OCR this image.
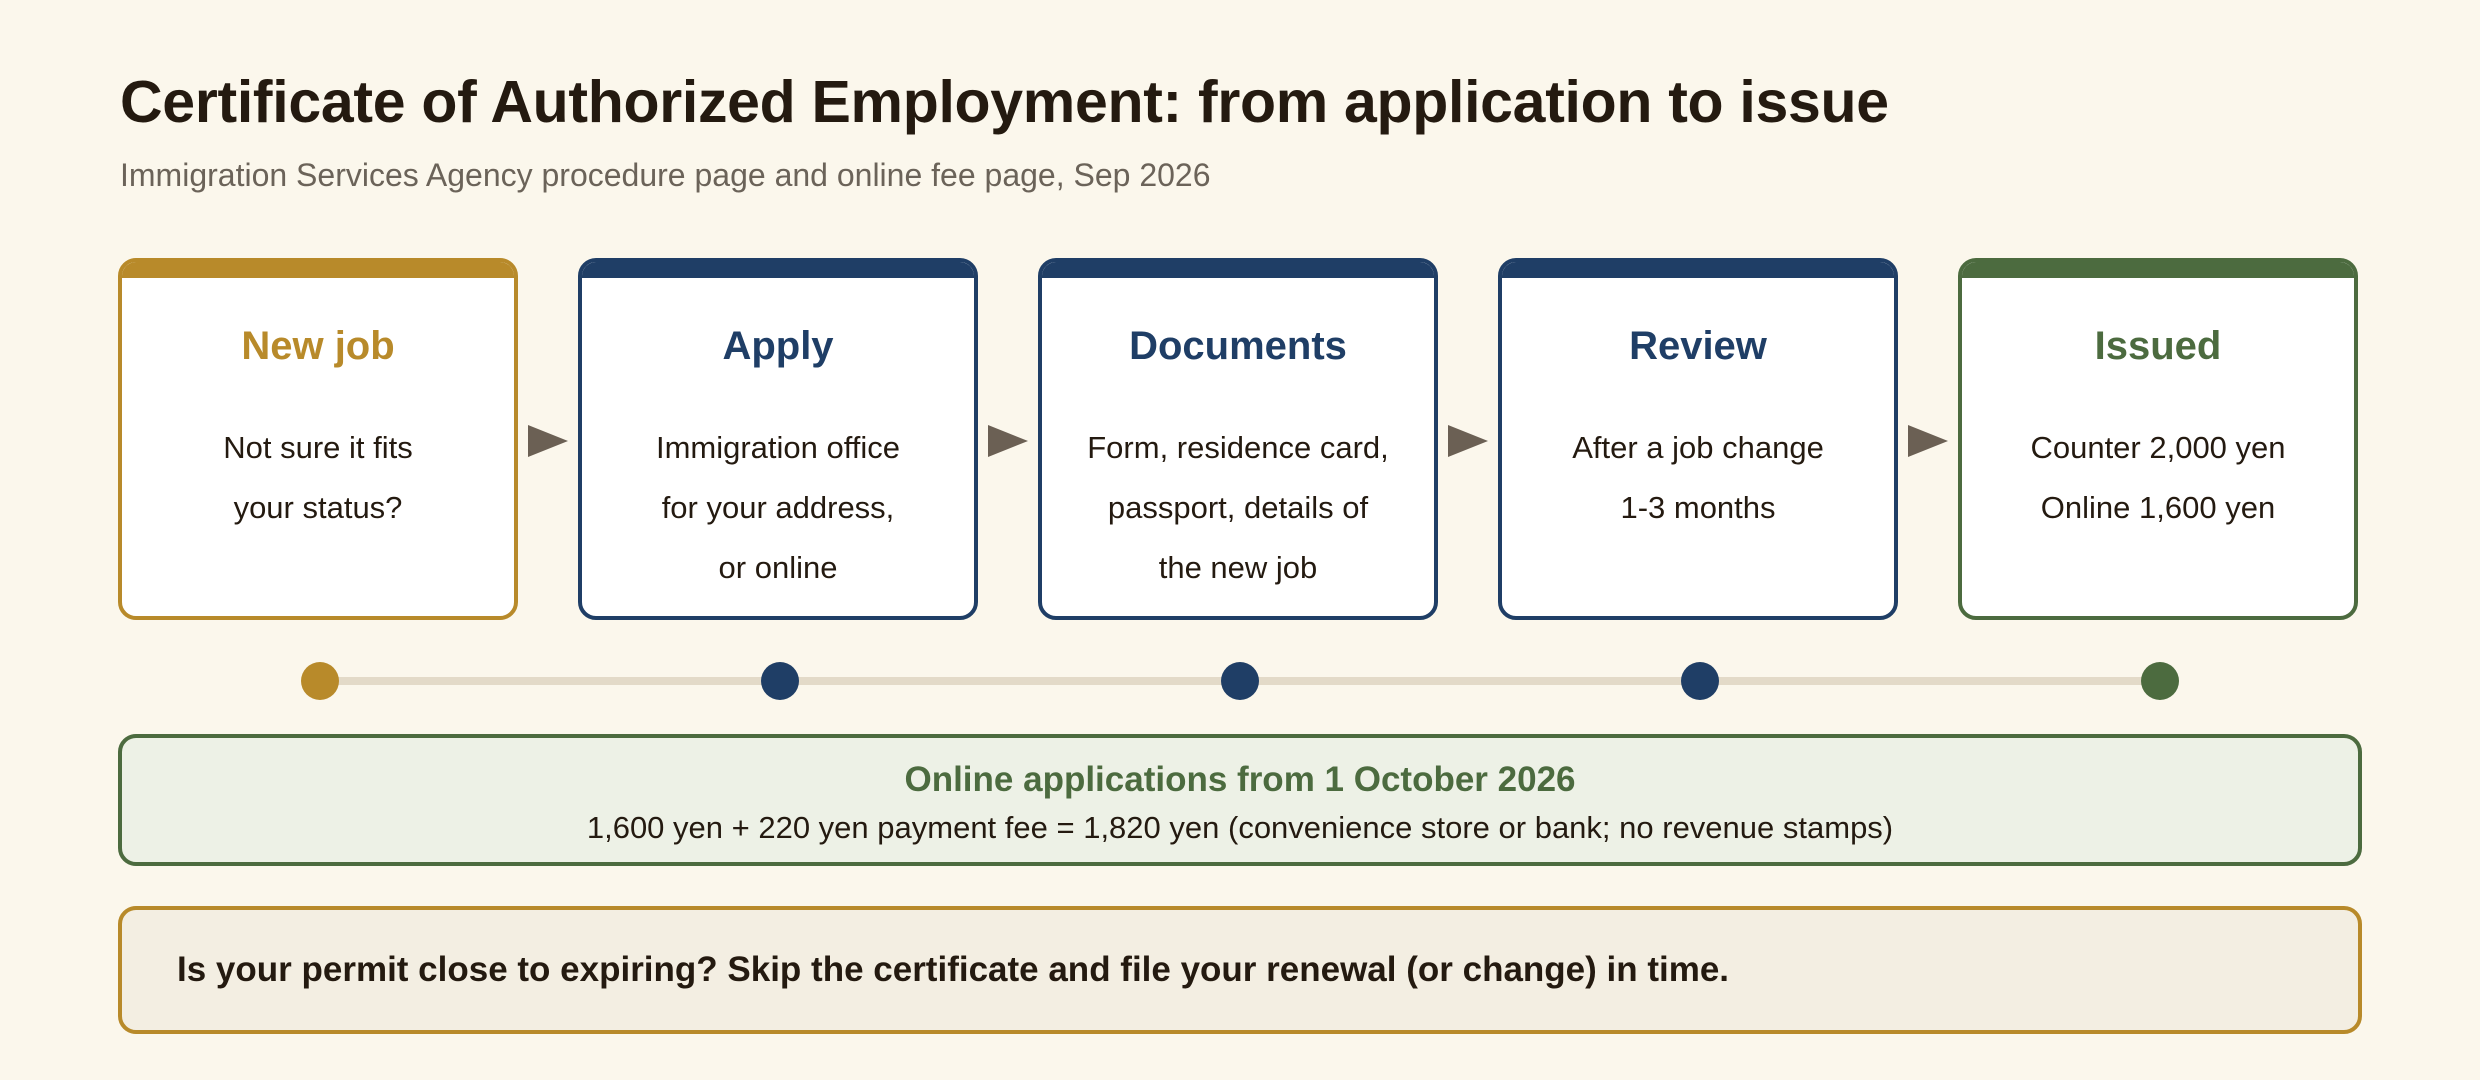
Certificate of Authorized Employment: from application to issue
Immigration Services Agency procedure page and online fee page, Sep 2026
New job
Not sure it fits
your status?
Apply
Immigration office
for your address,
or online
Documents
Form, residence card,
passport, details of
the new job
Review
After a job change
1-3 months
Issued
Counter 2,000 yen
Online 1,600 yen
Online applications from 1 October 2026
1,600 yen + 220 yen payment fee = 1,820 yen (convenience store or bank; no revenue stamps)
Is your permit close to expiring? Skip the certificate and file your renewal (or change) in time.
